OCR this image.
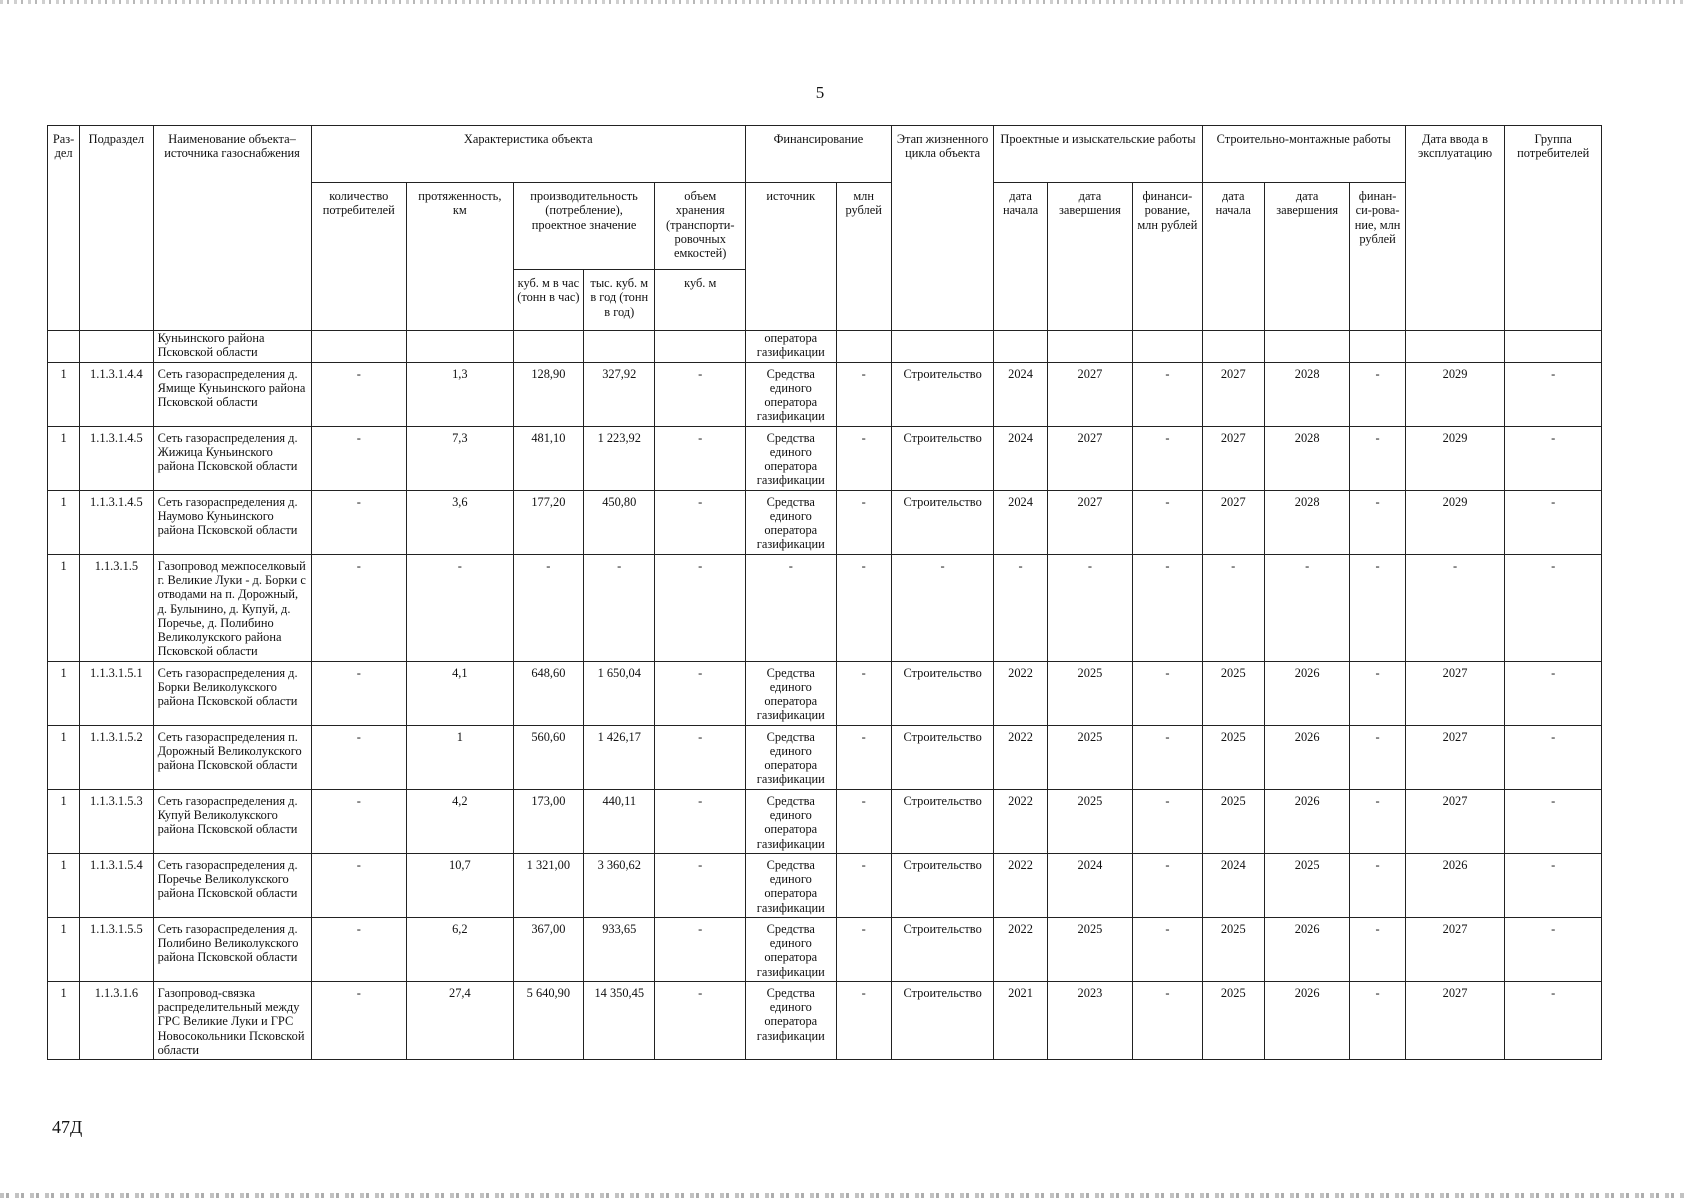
5
Раз-дел	Подраздел	Наименование объекта–источника газоснабжения	Характеристика объекта					Финансирование		Этап жизненного цикла объекта	Проектные и изыскательские работы			Строительно-монтажные работы			Дата ввода в эксплуатацию	Группа потребителей
			количество потребителей	протяженность, км	производительность (потребление), проектное значение		объем хранения (транспорти-ровочных емкостей)	источник	млн рублей		дата начала	дата завершения	финанси-рование, млн рублей	дата начала	дата завершения	финан-си-рова-ние, млн рублей		
					куб. м в час (тонн в час)	тыс. куб. м в год (тонн в год)	куб. м											
		Куньинского района Псковской области						оператора газификации										
1	1.1.3.1.4.4	Сеть газораспределения д. Ямище Куньинского района Псковской области	-	1,3	128,90	327,92	-	Средства единого оператора газификации	-	Строительство	2024	2027	-	2027	2028	-	2029	-
1	1.1.3.1.4.5	Сеть газораспределения д. Жижица Куньинского района Псковской области	-	7,3	481,10	1 223,92	-	Средства единого оператора газификации	-	Строительство	2024	2027	-	2027	2028	-	2029	-
1	1.1.3.1.4.5	Сеть газораспределения д. Наумово Куньинского района Псковской области	-	3,6	177,20	450,80	-	Средства единого оператора газификации	-	Строительство	2024	2027	-	2027	2028	-	2029	-
1	1.1.3.1.5	Газопровод межпоселковый г. Великие Луки - д. Борки с отводами на п. Дорожный, д. Булынино, д. Купуй, д. Поречье, д. Полибино Великолукского района Псковской области	-	-	-	-	-	-	-	-	-	-	-	-	-	-	-	-
1	1.1.3.1.5.1	Сеть газораспределения д. Борки Великолукского района Псковской области	-	4,1	648,60	1 650,04	-	Средства единого оператора газификации	-	Строительство	2022	2025	-	2025	2026	-	2027	-
1	1.1.3.1.5.2	Сеть газораспределения п. Дорожный Великолукского района Псковской области	-	1	560,60	1 426,17	-	Средства единого оператора газификации	-	Строительство	2022	2025	-	2025	2026	-	2027	-
1	1.1.3.1.5.3	Сеть газораспределения д. Купуй Великолукского района Псковской области	-	4,2	173,00	440,11	-	Средства единого оператора газификации	-	Строительство	2022	2025	-	2025	2026	-	2027	-
1	1.1.3.1.5.4	Сеть газораспределения д. Поречье Великолукского района Псковской области	-	10,7	1 321,00	3 360,62	-	Средства единого оператора газификации	-	Строительство	2022	2024	-	2024	2025	-	2026	-
1	1.1.3.1.5.5	Сеть газораспределения д. Полибино Великолукского района Псковской области	-	6,2	367,00	933,65	-	Средства единого оператора газификации	-	Строительство	2022	2025	-	2025	2026	-	2027	-
1	1.1.3.1.6	Газопровод-связка распределительный между ГРС Великие Луки и ГРС Новосокольники Псковской области	-	27,4	5 640,90	14 350,45	-	Средства единого оператора газификации	-	Строительство	2021	2023	-	2025	2026	-	2027	-
47Д
